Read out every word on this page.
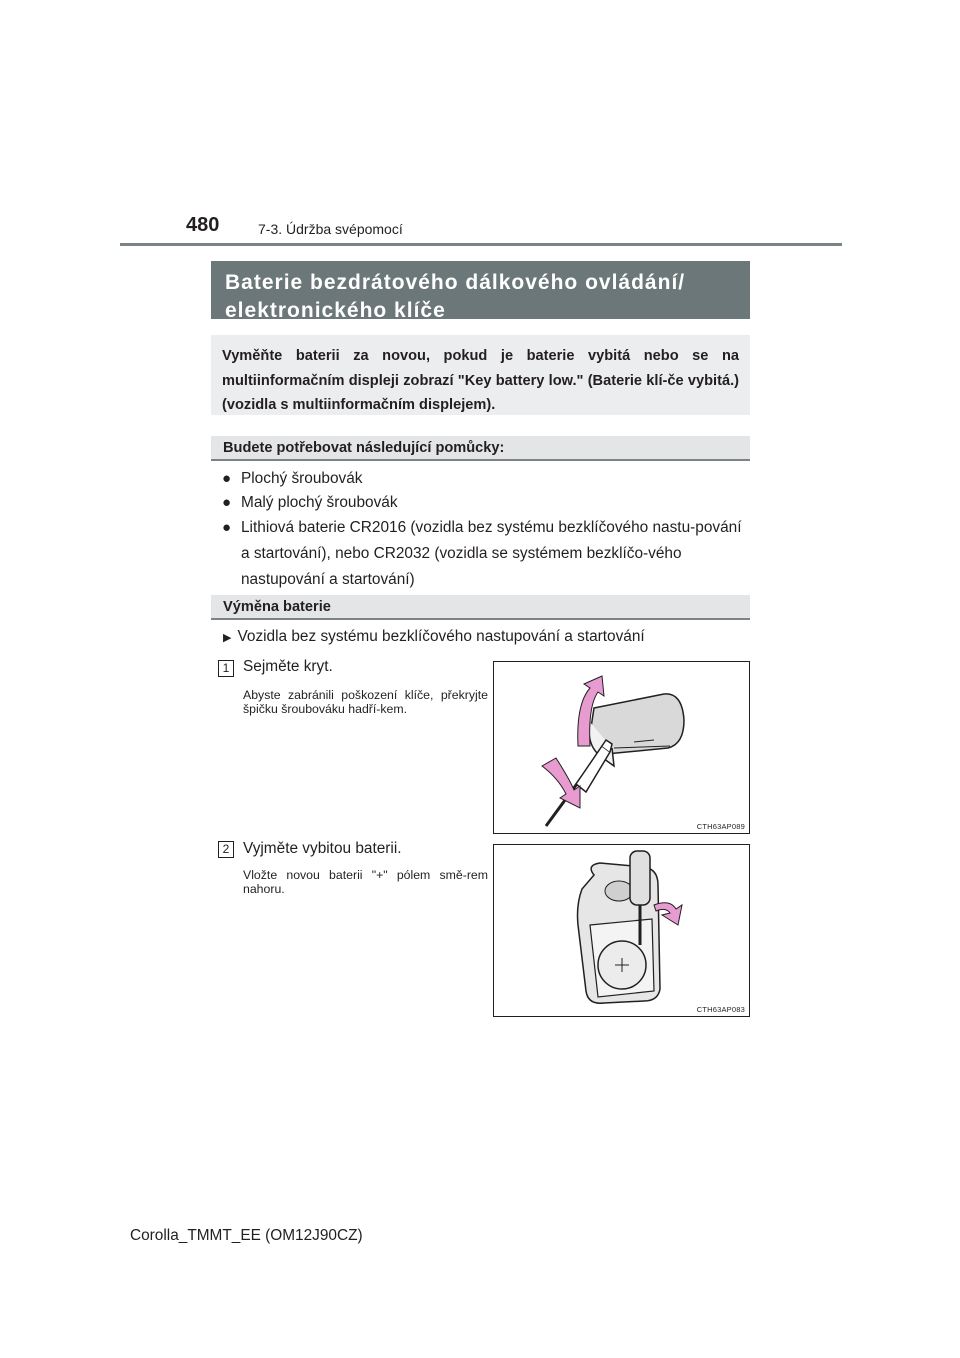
480	7-3. Údržba svépomocí
Baterie bezdrátového dálkového ovládání/
elektronického klíče
Vyměňte baterii za novou, pokud je baterie vybitá nebo se na multiinformačním displeji zobrazí "Key battery low." (Baterie klí-če vybitá.) (vozidla s multiinformačním displejem).
Budete potřebovat následující pomůcky:
● Plochý šroubovák
● Malý plochý šroubovák
● Lithiová baterie CR2016 (vozidla bez systému bezklíčového nastu-pování a startování), nebo CR2032 (vozidla se systémem bezklíčo-vého nastupování a startování)
Výměna baterie
▶ Vozidla bez systému bezklíčového nastupování a startování
1 Sejměte kryt.
Abyste zabránili poškození klíče, překryjte špičku šroubováku hadří-kem.
CTH63AP089
2 Vyjměte vybitou baterii.
Vložte novou baterii "+" pólem smě-rem nahoru.
CTH63AP083
Corolla_TMMT_EE (OM12J90CZ)
